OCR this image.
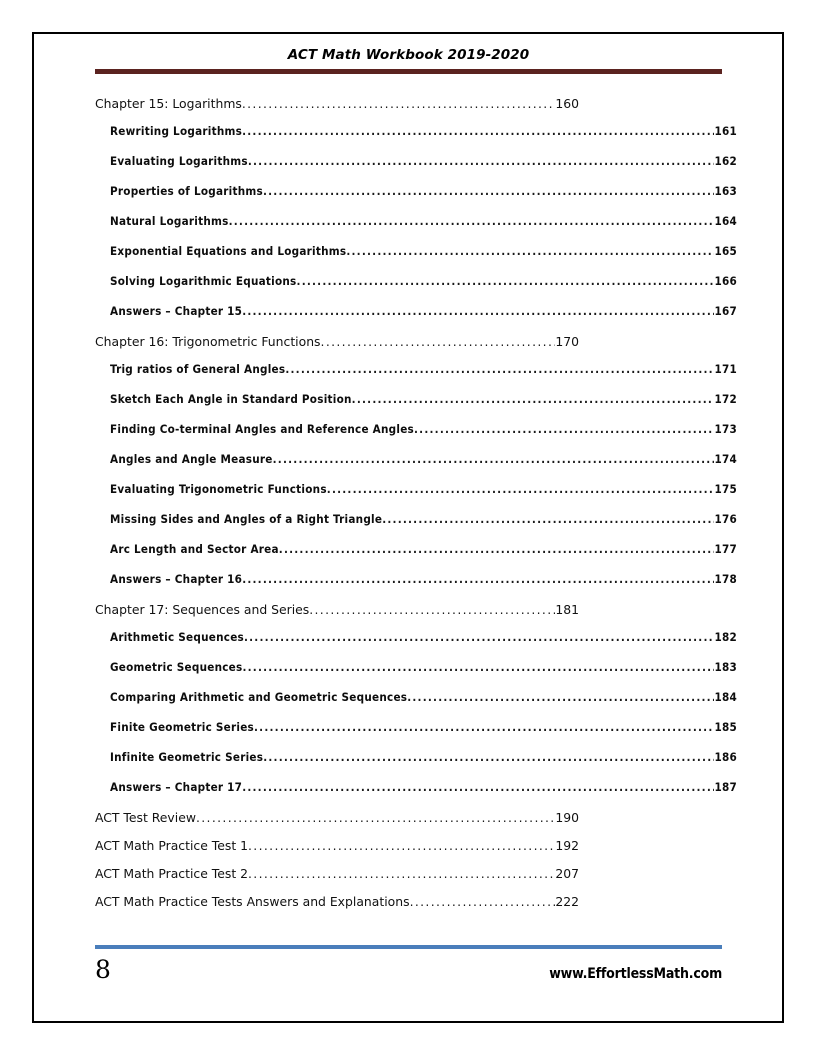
ACT Math Workbook 2019-2020
Chapter 15: Logarithms .....	160
Rewriting Logarithms .....	161
Evaluating Logarithms .....	162
Properties of Logarithms .....	163
Natural Logarithms .....	164
Exponential Equations and Logarithms .....	165
Solving Logarithmic Equations .....	166
Answers – Chapter 15 .....	167
Chapter 16: Trigonometric Functions .....	170
Trig ratios of General Angles .....	171
Sketch Each Angle in Standard Position .....	172
Finding Co-terminal Angles and Reference Angles .....	173
Angles and Angle Measure .....	174
Evaluating Trigonometric Functions .....	175
Missing Sides and Angles of a Right Triangle .....	176
Arc Length and Sector Area .....	177
Answers – Chapter 16 .....	178
Chapter 17: Sequences and Series .....	181
Arithmetic Sequences .....	182
Geometric Sequences .....	183
Comparing Arithmetic and Geometric Sequences .....	184
Finite Geometric Series .....	185
Infinite Geometric Series .....	186
Answers – Chapter 17 .....	187
ACT Test Review .....	190
ACT Math Practice Test 1 .....	192
ACT Math Practice Test 2 .....	207
ACT Math Practice Tests Answers and Explanations .....	222
8	www.EffortlessMath.com
